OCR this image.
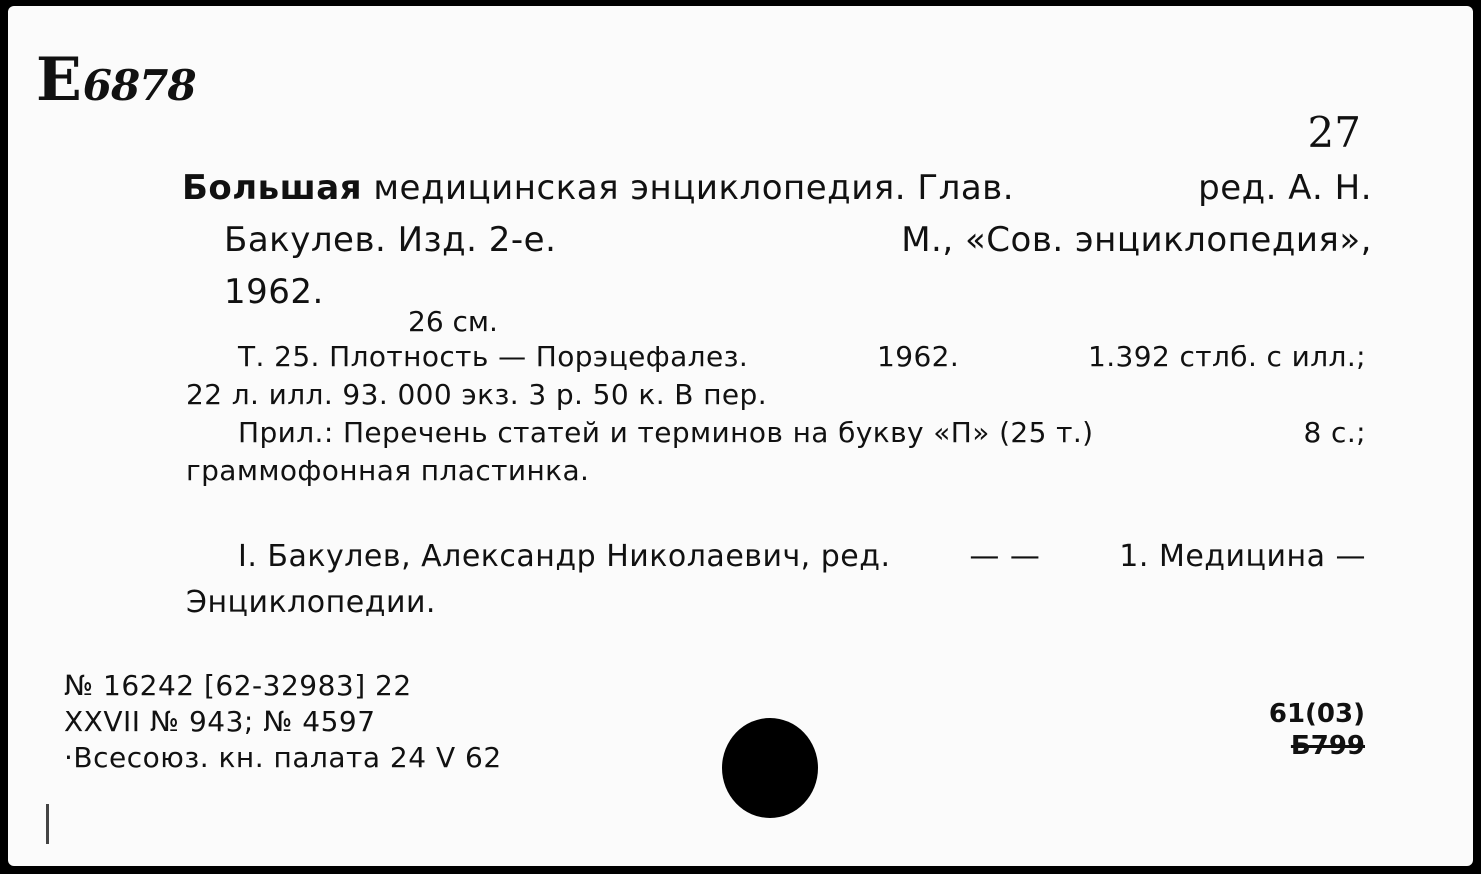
Е6878
27
Большая медицинская энциклопедия. Глав.	ред. А. Н.
Бакулев. Изд. 2-е.	М., «Сов. энциклопедия»,
1962.
26 см.
Т. 25. Плотность — Порэцефалез.	1962.	1.392 стлб. с илл.;
22 л. илл. 93. 000 экз. 3 р. 50 к. В пер.
Прил.: Перечень статей и терминов на букву «П» (25 т.)	8 с.;
граммофонная пластинка.
I. Бакулев, Александр Николаевич, ред.	— —	1. Медицина —
Энциклопедии.
№ 16242 [62-32983] 22
XXVII № 943; № 4597
·Всесоюз. кн. палата 24 V 62
61(03)
Б799
